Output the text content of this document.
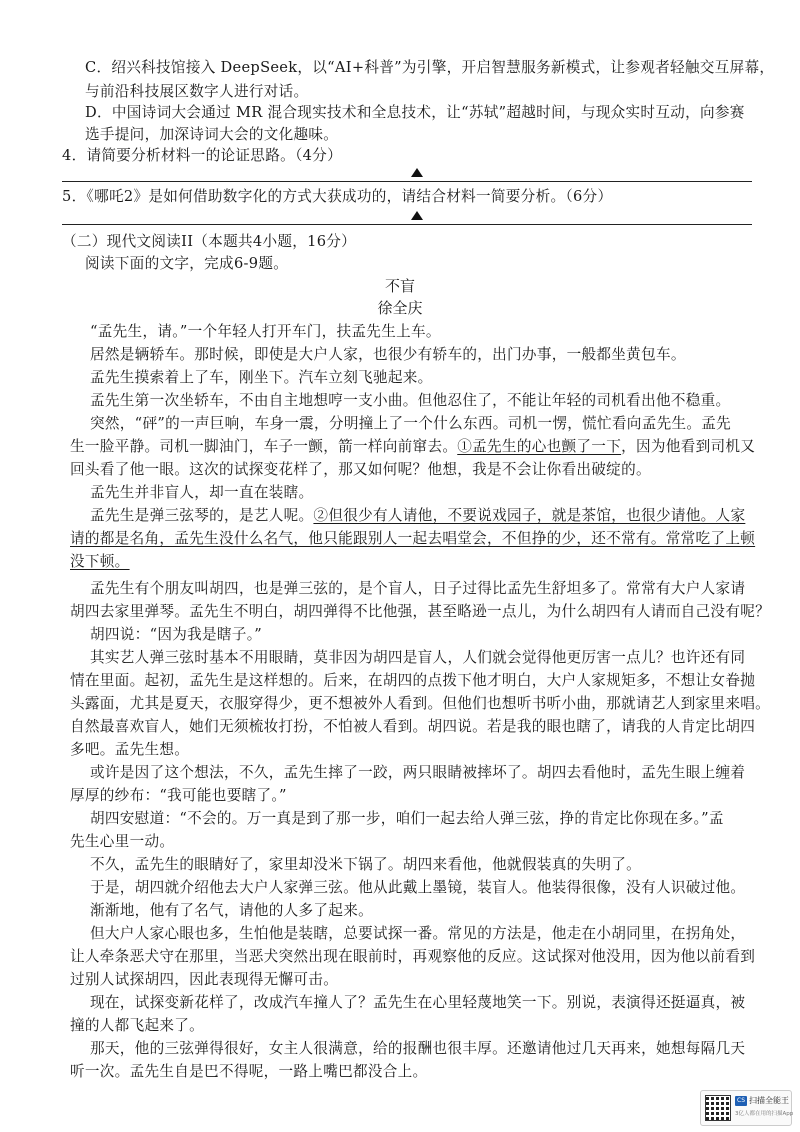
C．绍兴科技馆接入 DeepSeek，以“AI+科普”为引擎，开启智慧服务新模式，让参观者轻触交互屏幕，
与前沿科技展区数字人进行对话。
D．中国诗词大会通过 MR 混合现实技术和全息技术，让“苏轼”超越时间，与现众实时互动，向参赛
选手提问，加深诗词大会的文化趣味。
4．请简要分析材料一的论证思路。（4分）
5．《哪吒2》是如何借助数字化的方式大获成功的，请结合材料一简要分析。（6分）
（二）现代文阅读II（本题共4小题，16分）
阅读下面的文字，完成6-9题。
不盲
徐全庆
“孟先生，请。”一个年轻人打开车门，扶孟先生上车。
居然是辆轿车。那时候，即使是大户人家，也很少有轿车的，出门办事，一般都坐黄包车。
孟先生摸索着上了车，刚坐下。汽车立刻飞驰起来。
孟先生第一次坐轿车，不由自主地想哼一支小曲。但他忍住了，不能让年轻的司机看出他不稳重。
突然，“砰”的一声巨响，车身一震，分明撞上了一个什么东西。司机一愣，慌忙看向孟先生。孟先
生一脸平静。司机一脚油门，车子一颤，箭一样向前窜去。①孟先生的心也颤了一下，因为他看到司机又
回头看了他一眼。这次的试探变花样了，那又如何呢？他想，我是不会让你看出破绽的。
孟先生并非盲人，却一直在装瞎。
孟先生是弹三弦琴的，是艺人呢。②但很少有人请他，不要说戏园子，就是茶馆，也很少请他。人家
请的都是名角，孟先生没什么名气，他只能跟别人一起去唱堂会，不但挣的少，还不常有。常常吃了上顿
没下顿。
孟先生有个朋友叫胡四，也是弹三弦的，是个盲人，日子过得比孟先生舒坦多了。常常有大户人家请
胡四去家里弹琴。孟先生不明白，胡四弹得不比他强，甚至略逊一点儿，为什么胡四有人请而自己没有呢？
胡四说：“因为我是瞎子。”
其实艺人弹三弦时基本不用眼睛，莫非因为胡四是盲人，人们就会觉得他更厉害一点儿？也许还有同
情在里面。起初，孟先生是这样想的。后来，在胡四的点拨下他才明白，大户人家规矩多，不想让女眷抛
头露面，尤其是夏天，衣服穿得少，更不想被外人看到。但他们也想听书听小曲，那就请艺人到家里来唱。
自然最喜欢盲人，她们无须梳妆打扮，不怕被人看到。胡四说。若是我的眼也瞎了，请我的人肯定比胡四
多吧。孟先生想。
或许是因了这个想法，不久，孟先生摔了一跤，两只眼睛被摔坏了。胡四去看他时，孟先生眼上缠着
厚厚的纱布：“我可能也要瞎了。”
胡四安慰道：“不会的。万一真是到了那一步，咱们一起去给人弹三弦，挣的肯定比你现在多。”孟
先生心里一动。
不久，孟先生的眼睛好了，家里却没米下锅了。胡四来看他，他就假装真的失明了。
于是，胡四就介绍他去大户人家弹三弦。他从此戴上墨镜，装盲人。他装得很像，没有人识破过他。
渐渐地，他有了名气，请他的人多了起来。
但大户人家心眼也多，生怕他是装瞎，总要试探一番。常见的方法是，他走在小胡同里，在拐角处，
让人牵条恶犬守在那里，当恶犬突然出现在眼前时，再观察他的反应。这试探对他没用，因为他以前看到
过别人试探胡四，因此表现得无懈可击。
现在，试探变新花样了，改成汽车撞人了？孟先生在心里轻蔑地笑一下。别说，表演得还挺逼真，被
撞的人都飞起来了。
那天，他的三弦弹得很好，女主人很满意，给的报酬也很丰厚。还邀请他过几天再来，她想每隔几天
听一次。孟先生自是巴不得呢，一路上嘴巴都没合上。
CS 扫描全能王
3亿人都在用的扫描App
